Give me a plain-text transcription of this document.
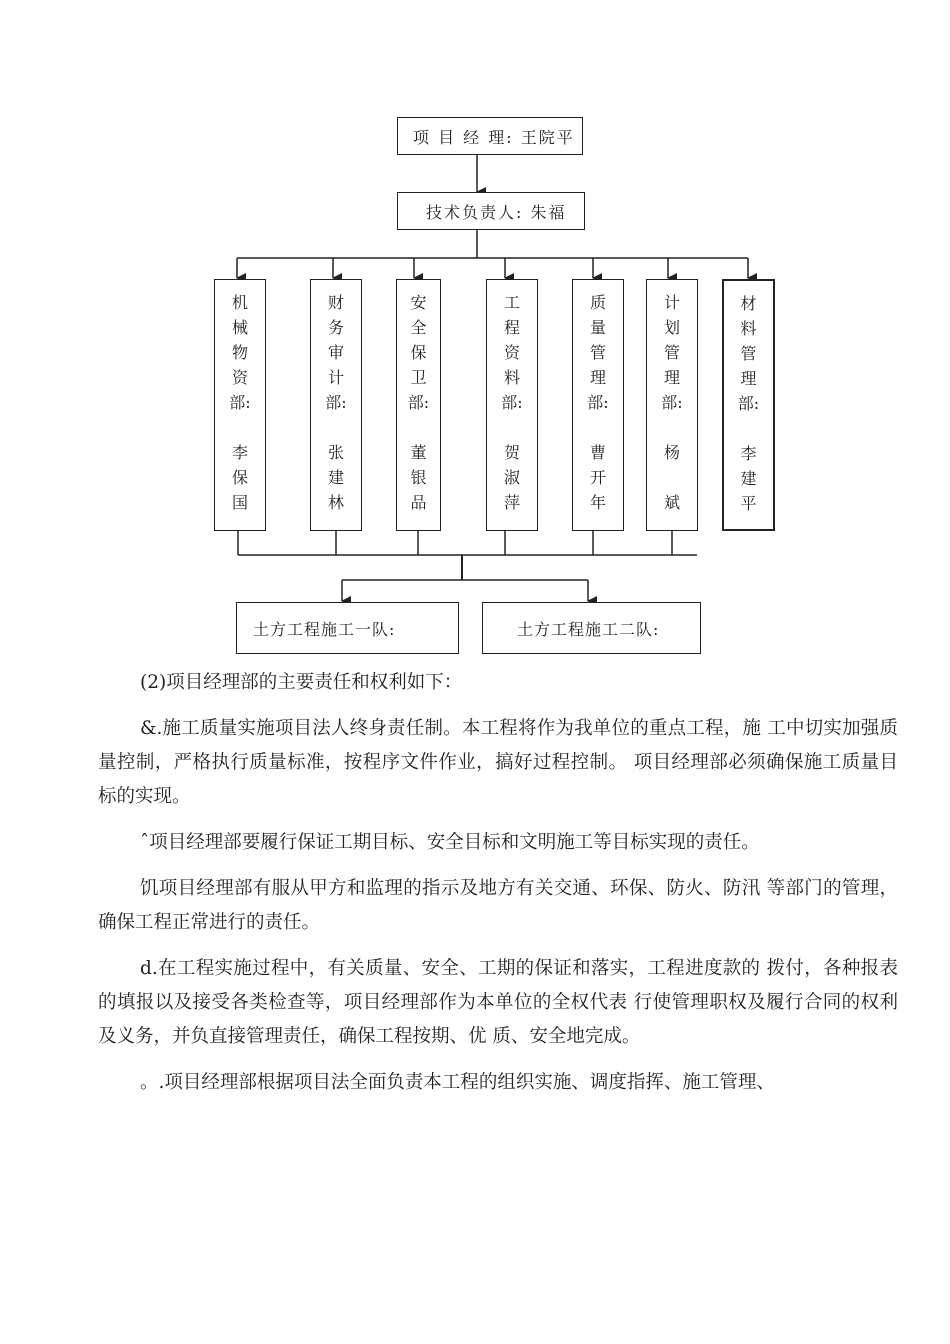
项 目 经 理: 王院平
技术负责人: 朱福
机
械
物
资
部:
李
保
国
财
务
审
计
部:
张
建
林
安
全
保
卫
部:
董
银
品
工
程
资
料
部:
贺
淑
萍
质
量
管
理
部:
曹
开
年
计
划
管
理
部:
杨
斌
材
料
管
理
部:
李
建
平
土方工程施工一队:	土方工程施工二队:

(2)项目经理部的主要责任和权利如下：

&.施工质量实施项目法人终身责任制。本工程将作为我单位的重点工程，施 工中切实加强质量控制，严格执行质量标准，按程序文件作业，搞好过程控制。 项目经理部必须确保施工质量目标的实现。

ˆ项目经理部要履行保证工期目标、安全目标和文明施工等目标实现的责任。

饥项目经理部有服从甲方和监理的指示及地方有关交通、环保、防火、防汛 等部门的管理，确保工程正常进行的责任。

d.在工程实施过程中，有关质量、安全、工期的保证和落实，工程进度款的 拨付，各种报表的填报以及接受各类检查等，项目经理部作为本单位的全权代表 行使管理职权及履行合同的权利及义务，并负直接管理责任，确保工程按期、优 质、安全地完成。

。.项目经理部根据项目法全面负责本工程的组织实施、调度指挥、施工管理、
